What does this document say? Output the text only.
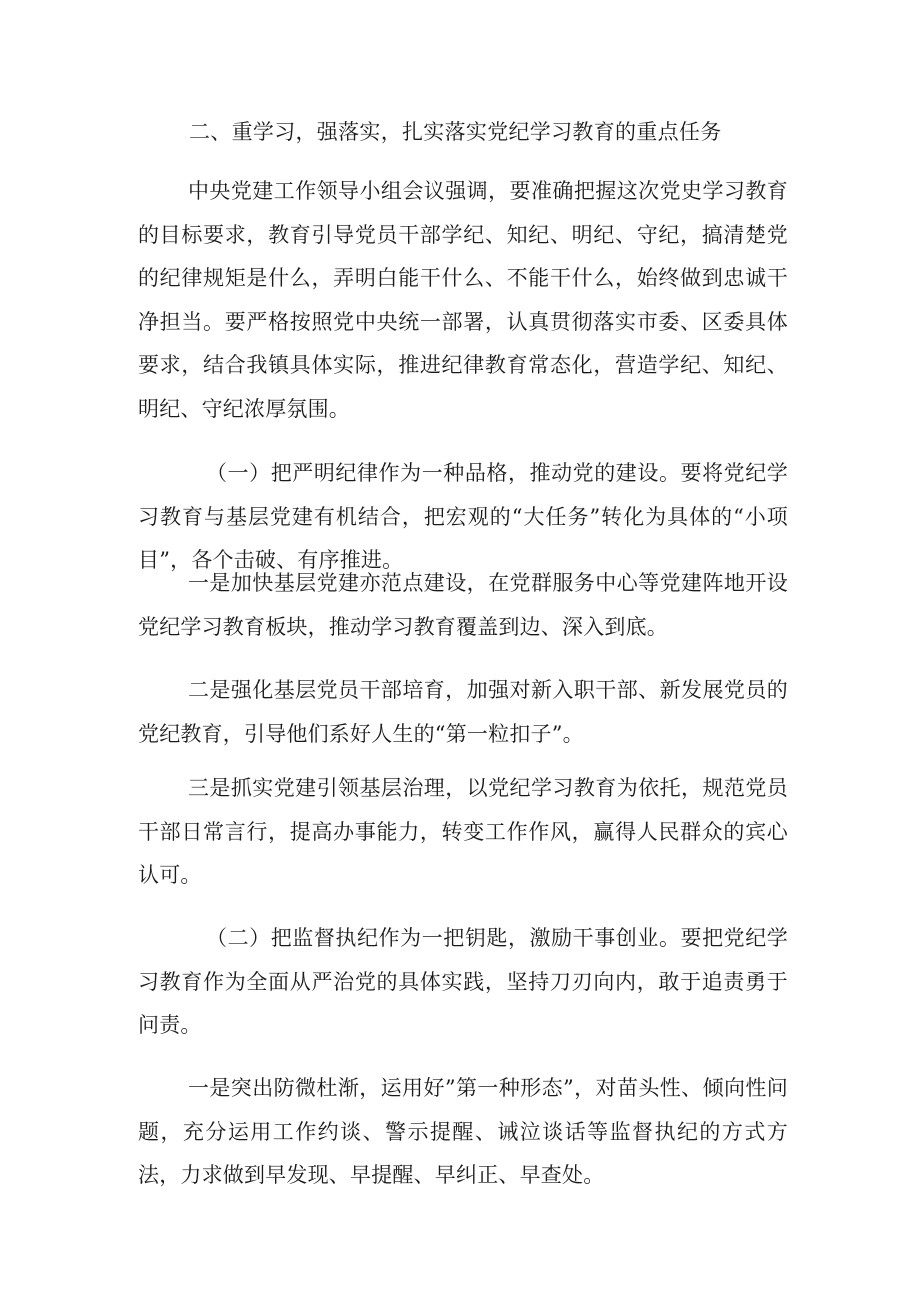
二、重学习，强落实，扎实落实党纪学习教育的重点任务

中央党建工作领导小组会议强调，要准确把握这次党史学习教育的目标要求，教育引导党员干部学纪、知纪、明纪、守纪，搞清楚党的纪律规矩是什么，弄明白能干什么、不能干什么，始终做到忠诚干净担当。要严格按照党中央统一部署，认真贯彻落实市委、区委具体要求，结合我镇具体实际，推进纪律教育常态化，营造学纪、知纪、明纪、守纪浓厚氛围。

（一）把严明纪律作为一种品格，推动党的建设。要将党纪学习教育与基层党建有机结合，把宏观的“大任务”转化为具体的“小项目”，各个击破、有序推进。

一是加快基层党建亦范点建设，在党群服务中心等党建阵地开设党纪学习教育板块，推动学习教育覆盖到边、深入到底。

二是强化基层党员干部培育，加强对新入职干部、新发展党员的党纪教育，引导他们系好人生的“第一粒扣子”。

三是抓实党建引领基层治理，以党纪学习教育为依托，规范党员干部日常言行，提高办事能力，转变工作作风，赢得人民群众的宾心认可。

（二）把监督执纪作为一把钥匙，激励干事创业。要把党纪学习教育作为全面从严治党的具体实践，坚持刀刃向内，敢于追责勇于问责。

一是突出防微杜渐，运用好”第一种形态”，对苗头性、倾向性问题，充分运用工作约谈、警示提醒、诫泣谈话等监督执纪的方式方法，力求做到早发现、早提醒、早纠正、早查处。
